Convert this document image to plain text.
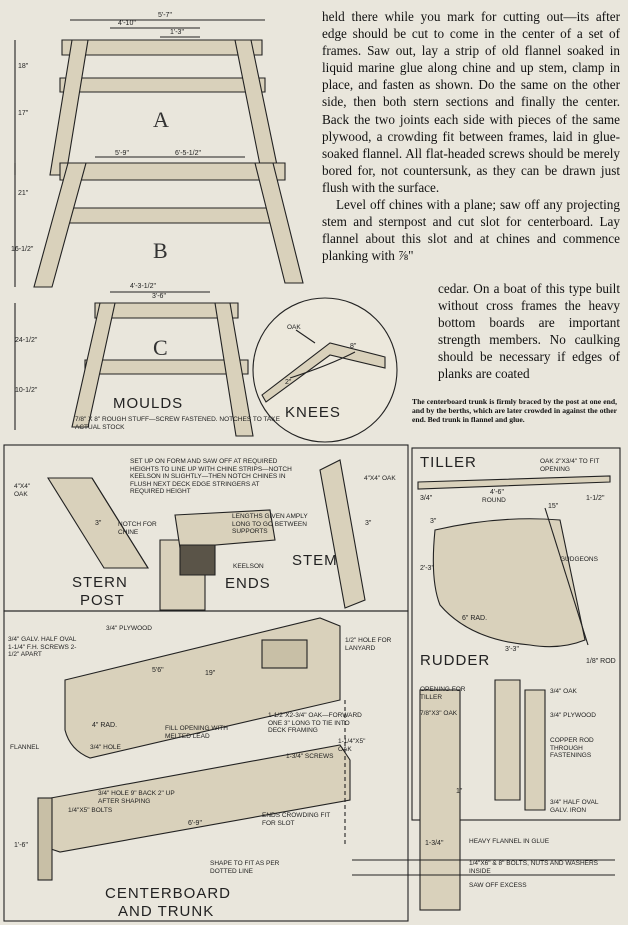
held there while you mark for cutting out—its after edge should be cut to come in the center of a set of frames. Saw out, lay a strip of old flannel soaked in liquid marine glue along chine and up stem, clamp in place, and fasten as shown. Do the same on the other side, then both stern sections and finally the center. Back the two joints each side with pieces of the same plywood, a crowding fit between frames, laid in glue-soaked flannel. All flat-headed screws should be merely bored for, not countersunk, as they can be drawn just flush with the surface.

Level off chines with a plane; saw off any projecting stem and sternpost and cut slot for centerboard. Lay flannel about this slot and at chines and commence planking with ⅞"

cedar. On a boat of this type built without cross frames the heavy bottom boards are important strength members. No caulking should be necessary if edges of planks are coated

The centerboard trunk is firmly braced by the post at one end, and by the berths, which are later crowded in against the other end. Bed trunk in flannel and glue.

5'-7"
4'-10"
1'-3"
18"
17"
5'-9"	6'-5-1/2"
21"
16-1/2"
4'-3-1/2"
3'-6"
24-1/2"
10-1/2"
A
B
C
MOULDS
7/8" X 8" ROUGH STUFF—SCREW FASTENED. NOTCHES TO TAKE ACTUAL STOCK
OAK
8"
2"
KNEES
SET UP ON FORM AND SAW OFF AT REQUIRED HEIGHTS TO LINE UP WITH CHINE STRIPS—NOTCH KEELSON IN SLIGHTLY—THEN NOTCH CHINES IN FLUSH NEXT DECK EDGE STRINGERS AT REQUIRED HEIGHT
4"X4" OAK
LENGTHS GIVEN AMPLY LONG TO GO BETWEEN SUPPORTS
NOTCH FOR CHINE
KEELSON
STERN
POST
ENDS
STEM
4"X4" OAK
3"	3"
TILLER	OAK 2"X3/4" TO FIT OPENING
4'-6"
3/4"	ROUND	1-1/2"
15"
3"
GUDGEONS
2'-3"
6" RAD.
3'-3"
1/8" ROD
RUDDER
OPENING FOR TILLER
3/4" OAK
7/8"X3" OAK	3/4" PLYWOOD
COPPER ROD THROUGH FASTENINGS
3/4" HALF OVAL GALV. IRON
3/4" PLYWOOD
3/4" GALV. HALF OVAL 1-1/4" F.H. SCREWS 2-1/2" APART
5'6"	19"
1/2" HOLE FOR LANYARD
4" RAD.	FILL OPENING WITH MELTED LEAD
1-1/2"X2-3/4" OAK—FORWARD ONE 3" LONG TO TIE INTO DECK FRAMING
3/4" HOLE
FLANNEL
1-3/4" SCREWS
1-1/4"X5" OAK
3/4" HOLE 9" BACK 2" UP AFTER SHAPING
1/4"X5" BOLTS
ENDS CROWDING FIT FOR SLOT
6'-9"
SHAPE TO FIT AS PER DOTTED LINE
1'-6"
HEAVY FLANNEL IN GLUE
1/4"X6" & 8" BOLTS, NUTS AND WASHERS INSIDE
SAW OFF EXCESS
1-3/4"
1"
CENTERBOARD
AND TRUNK
